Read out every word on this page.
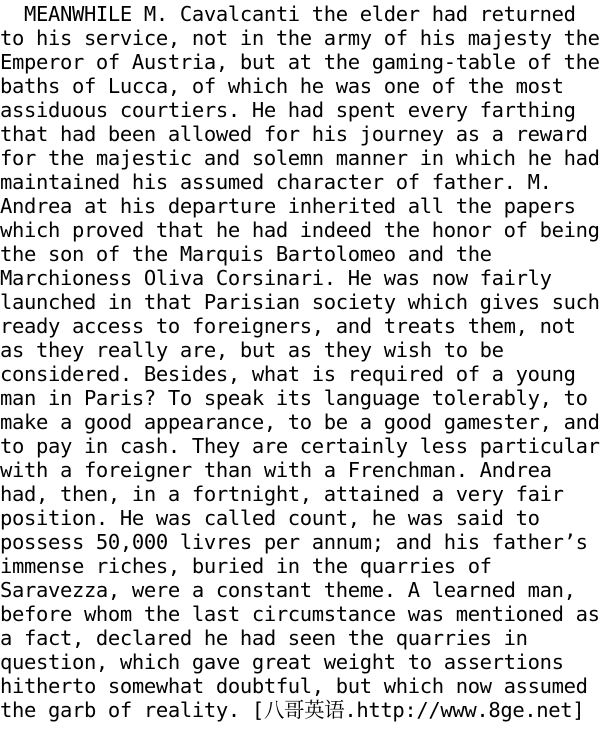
MEANWHILE M. Cavalcanti the elder had returned
to his service, not in the army of his majesty the
Emperor of Austria, but at the gaming-table of the
baths of Lucca, of which he was one of the most
assiduous courtiers. He had spent every farthing
that had been allowed for his journey as a reward
for the majestic and solemn manner in which he had
maintained his assumed character of father. M.
Andrea at his departure inherited all the papers
which proved that he had indeed the honor of being
the son of the Marquis Bartolomeo and the
Marchioness Oliva Corsinari. He was now fairly
launched in that Parisian society which gives such
ready access to foreigners, and treats them, not
as they really are, but as they wish to be
considered. Besides, what is required of a young
man in Paris? To speak its language tolerably, to
make a good appearance, to be a good gamester, and
to pay in cash. They are certainly less particular
with a foreigner than with a Frenchman. Andrea
had, then, in a fortnight, attained a very fair
position. He was called count, he was said to
possess 50,000 livres per annum; and his father’s
immense riches, buried in the quarries of
Saravezza, were a constant theme. A learned man,
before whom the last circumstance was mentioned as
a fact, declared he had seen the quarries in
question, which gave great weight to assertions
hitherto somewhat doubtful, but which now assumed
the garb of reality. [八哥英语.http://www.8ge.net]
